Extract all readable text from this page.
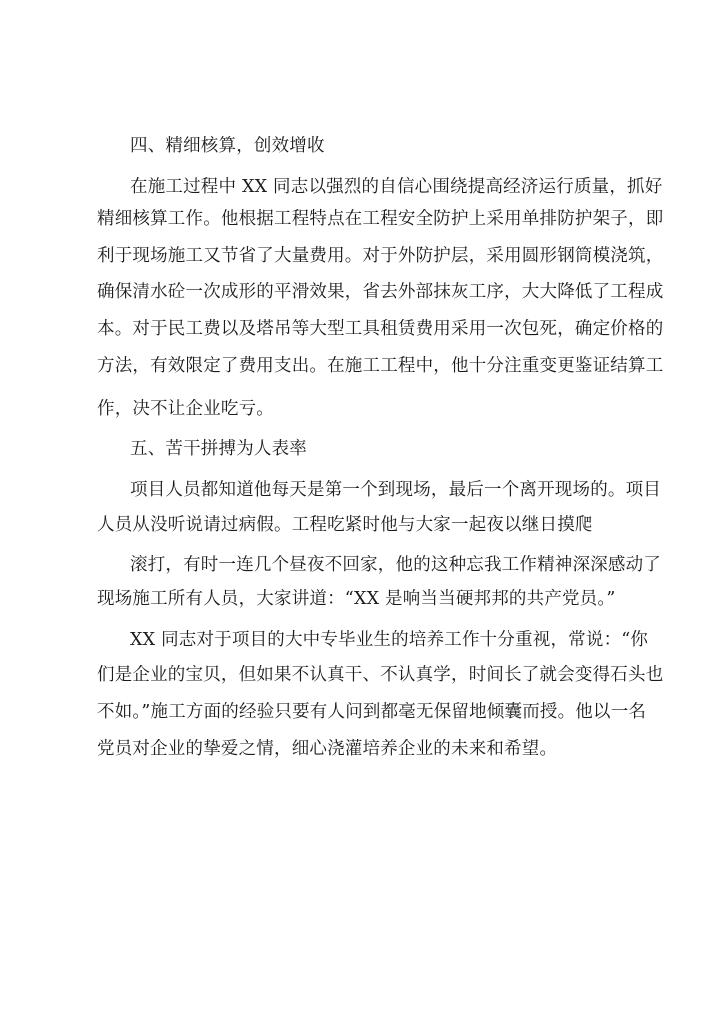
四、精细核算，创效增收
在施工过程中 XX 同志以强烈的自信心围绕提高经济运行质量，抓好
精细核算工作。他根据工程特点在工程安全防护上采用单排防护架子，即
利于现场施工又节省了大量费用。对于外防护层，采用圆形钢筒模浇筑，
确保清水砼一次成形的平滑效果，省去外部抹灰工序，大大降低了工程成
本。对于民工费以及塔吊等大型工具租赁费用采用一次包死，确定价格的
方法，有效限定了费用支出。在施工工程中，他十分注重变更鉴证结算工
作，决不让企业吃亏。
五、苦干拼搏为人表率
项目人员都知道他每天是第一个到现场，最后一个离开现场的。项目
人员从没听说请过病假。工程吃紧时他与大家一起夜以继日摸爬
滚打，有时一连几个昼夜不回家，他的这种忘我工作精神深深感动了
现场施工所有人员，大家讲道：“XX 是响当当硬邦邦的共产党员。”
XX 同志对于项目的大中专毕业生的培养工作十分重视，常说：“你
们是企业的宝贝，但如果不认真干、不认真学，时间长了就会变得石头也
不如。”施工方面的经验只要有人问到都毫无保留地倾囊而授。他以一名
党员对企业的挚爱之情，细心浇灌培养企业的未来和希望。
